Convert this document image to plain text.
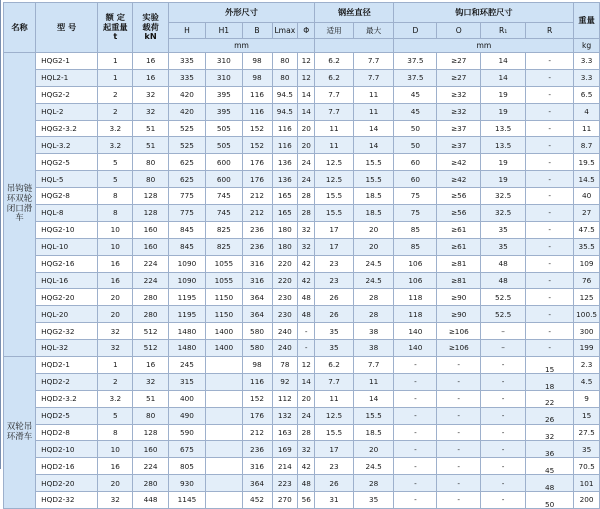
名称	型 号	额 定
起重量
t	实验
载荷
kN	外形尺寸					钢丝直径		钩口和环腔尺寸				重量
				H	H1	B	Lmax	Φ	适用	最大	D	O	R₁	R	
				mm							mm				kg
吊钩链环双轮闭口滑车	HQG2-1	1	16	335	310	98	80	12	6.2	7.7	37.5	≥27	14	-	3.3
	HQL2-1	1	16	335	310	98	80	12	6.2	7.7	37.5	≥27	14	-	3.3
	HQG2-2	2	32	420	395	116	94.5	14	7.7	11	45	≥32	19	-	6.5
	HQL-2	2	32	420	395	116	94.5	14	7.7	11	45	≥32	19	-	4
	HQG2-3.2	3.2	51	525	505	152	116	20	11	14	50	≥37	13.5	-	11
	HQL-3.2	3.2	51	525	505	152	116	20	11	14	50	≥37	13.5	-	8.7
	HQG2-5	5	80	625	600	176	136	24	12.5	15.5	60	≥42	19	-	19.5
	HQL-5	5	80	625	600	176	136	24	12.5	15.5	60	≥42	19	-	14.5
	HQG2-8	8	128	775	745	212	165	28	15.5	18.5	75	≥56	32.5	-	40
	HQL-8	8	128	775	745	212	165	28	15.5	18.5	75	≥56	32.5	-	27
	HQG2-10	10	160	845	825	236	180	32	17	20	85	≥61	35	-	47.5
	HQL-10	10	160	845	825	236	180	32	17	20	85	≥61	35	-	35.5
	HQG2-16	16	224	1090	1055	316	220	42	23	24.5	106	≥81	48	-	109
	HQL-16	16	224	1090	1055	316	220	42	23	24.5	106	≥81	48	-	76
	HQG2-20	20	280	1195	1150	364	230	48	26	28	118	≥90	52.5	-	125
	HQL-20	20	280	1195	1150	364	230	48	26	28	118	≥90	52.5	-	100.5
	HQG2-32	32	512	1480	1400	580	240	-	35	38	140	≥106	–	-	300
	HQL-32	32	512	1480	1400	580	240	-	35	38	140	≥106	–	-	199
双轮吊环滑车	HQD2-1	1	16	245		98	78	12	6.2	7.7	-	-	-	15	2.3
	HQD2-2	2	32	315		116	92	14	7.7	11	-	-	-	18	4.5
	HQD2-3.2	3.2	51	400		152	112	20	11	14	-	-	-	22	9
	HQD2-5	5	80	490		176	132	24	12.5	15.5	-	-	-	26	15
	HQD2-8	8	128	590		212	163	28	15.5	18.5	-	-	-	32	27.5
	HQD2-10	10	160	675		236	169	32	17	20	-	-	-	36	35
	HQD2-16	16	224	805		316	214	42	23	24.5	-	-	-	45	70.5
	HQD2-20	20	280	930		364	223	48	26	28	-	-	-	48	101
	HQD2-32	32	448	1145		452	270	56	31	35	-	-	-	50	200
